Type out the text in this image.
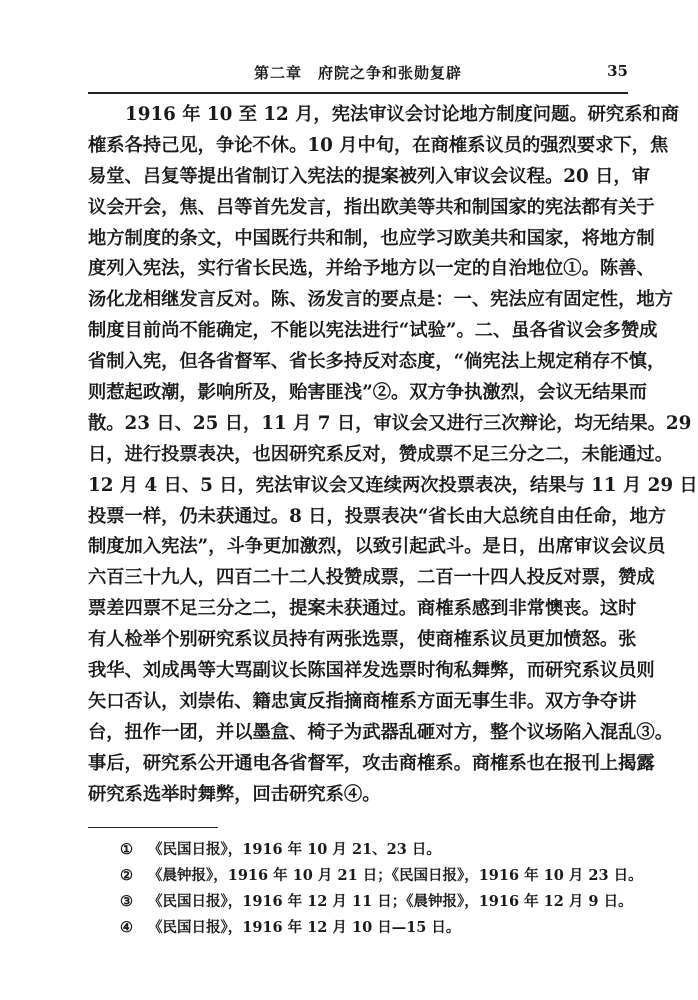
第二章　府院之争和张勋复辟	35
1916 年 10 至 12 月，宪法审议会讨论地方制度问题。研究系和商
榷系各持己见，争论不休。10 月中旬，在商榷系议员的强烈要求下，焦
易堂、吕复等提出省制订入宪法的提案被列入审议会议程。20 日，审
议会开会，焦、吕等首先发言，指出欧美等共和制国家的宪法都有关于
地方制度的条文，中国既行共和制，也应学习欧美共和国家，将地方制
度列入宪法，实行省长民选，并给予地方以一定的自治地位①。陈善、
汤化龙相继发言反对。陈、汤发言的要点是：一、宪法应有固定性，地方
制度目前尚不能确定，不能以宪法进行“试验”。二、虽各省议会多赞成
省制入宪，但各省督军、省长多持反对态度，“倘宪法上规定稍存不慎，
则惹起政潮，影响所及，贻害匪浅”②。双方争执激烈，会议无结果而
散。23 日、25 日，11 月 7 日，审议会又进行三次辩论，均无结果。29
日，进行投票表决，也因研究系反对，赞成票不足三分之二，未能通过。
12 月 4 日、5 日，宪法审议会又连续两次投票表决，结果与 11 月 29 日
投票一样，仍未获通过。8 日，投票表决“省长由大总统自由任命，地方
制度加入宪法”，斗争更加激烈，以致引起武斗。是日，出席审议会议员
六百三十九人，四百二十二人投赞成票，二百一十四人投反对票，赞成
票差四票不足三分之二，提案未获通过。商榷系感到非常懊丧。这时
有人检举个别研究系议员持有两张选票，使商榷系议员更加愤怒。张
我华、刘成禺等大骂副议长陈国祥发选票时徇私舞弊，而研究系议员则
矢口否认，刘崇佑、籍忠寅反指摘商榷系方面无事生非。双方争夺讲
台，扭作一团，并以墨盒、椅子为武器乱砸对方，整个议场陷入混乱③。
事后，研究系公开通电各省督军，攻击商榷系。商榷系也在报刊上揭露
研究系选举时舞弊，回击研究系④。
① 《民国日报》，1916 年 10 月 21、23 日。
② 《晨钟报》，1916 年 10 月 21 日；《民国日报》，1916 年 10 月 23 日。
③ 《民国日报》，1916 年 12 月 11 日；《晨钟报》，1916 年 12 月 9 日。
④ 《民国日报》，1916 年 12 月 10 日—15 日。
